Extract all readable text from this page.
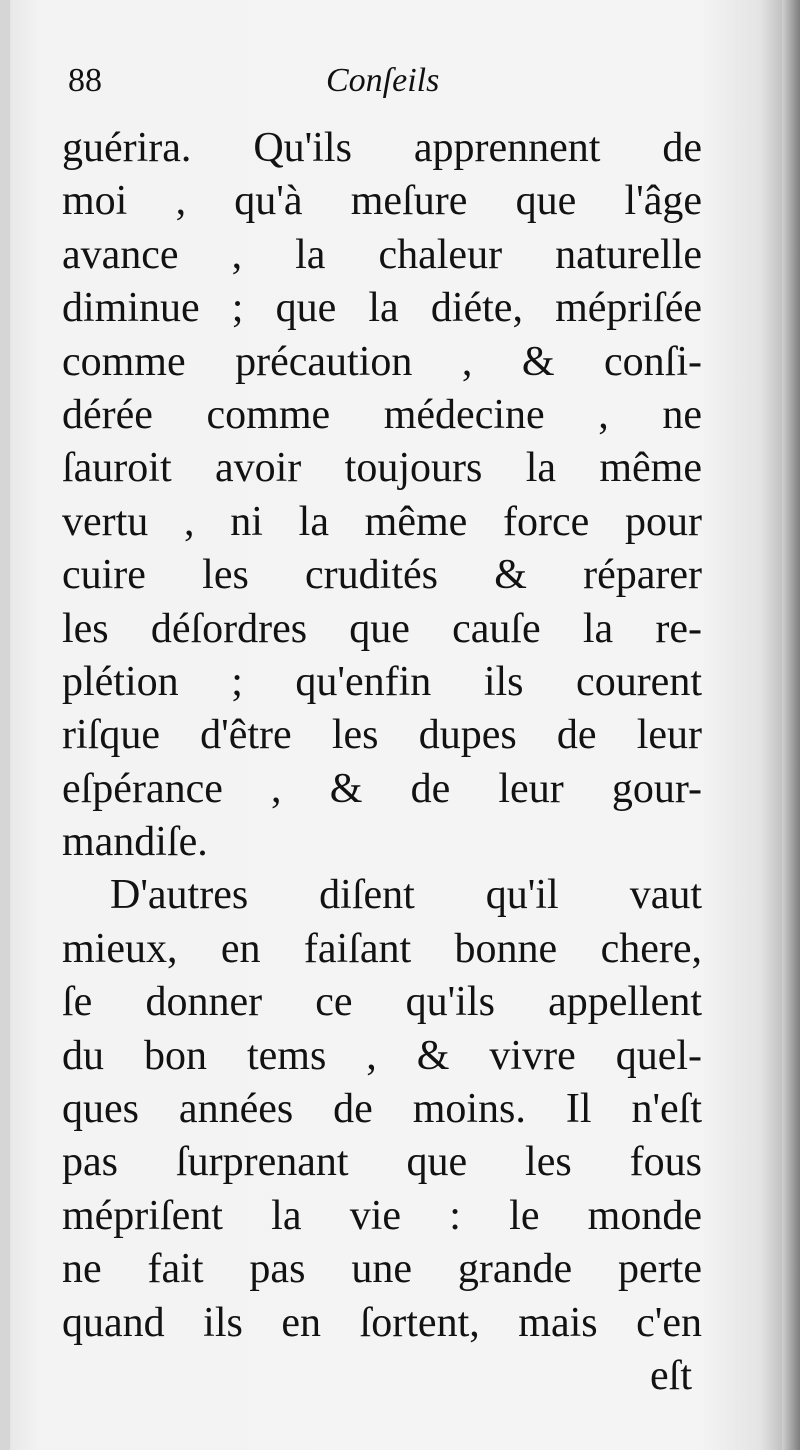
88	Conſeils
guérira. Qu'ils apprennent de
moi , qu'à meſure que l'âge
avance , la chaleur naturelle
diminue ; que la diéte, mépriſée
comme précaution , & conſi-
dérée comme médecine , ne
ſauroit avoir toujours la même
vertu , ni la même force pour
cuire les crudités & réparer
les déſordres que cauſe la re-
plétion ; qu'enfin ils courent
riſque d'être les dupes de leur
eſpérance , & de leur gour-
mandiſe.
D'autres diſent qu'il vaut
mieux, en faiſant bonne chere,
ſe donner ce qu'ils appellent
du bon tems , & vivre quel-
ques années de moins. Il n'eſt
pas ſurprenant que les fous
mépriſent la vie : le monde
ne fait pas une grande perte
quand ils en ſortent, mais c'en
eſt
